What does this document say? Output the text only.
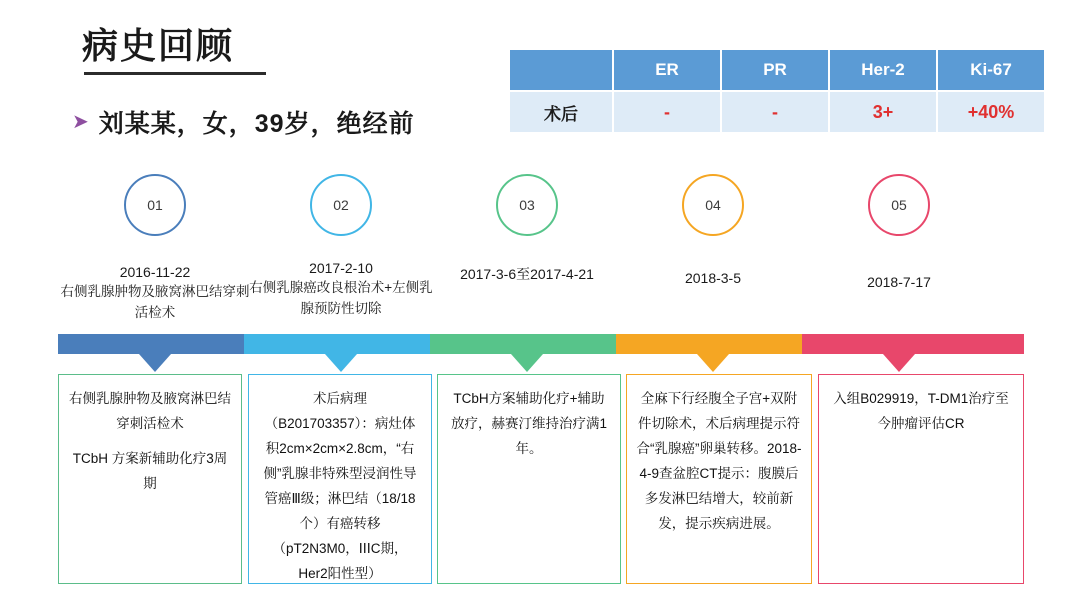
病史回顾
➤ 刘某某，女，39岁，绝经前
	ER	PR	Her-2	Ki-67
术后	-	-	3+	+40%
01	02	03	04	05
2016-11-22	2017-2-10	2017-3-6至2017-4-21	2018-3-5	2018-7-17
右侧乳腺肿物及腋窝淋巴结穿刺活检术
右侧乳腺癌改良根治术+左侧乳腺预防性切除

右侧乳腺肿物及腋窝淋巴结穿刺活检术

TCbH 方案新辅助化疗3周期

术后病理（B201703357）：病灶体积2cm×2cm×2.8cm，“右侧”乳腺非特殊型浸润性导管癌Ⅲ级；淋巴结（18/18个）有癌转移（pT2N3M0，ⅠⅠⅠC期，Her2阳性型）

TCbH方案辅助化疗+辅助放疗，赫赛汀维持治疗满1年。

全麻下行经腹全子宫+双附件切除术，术后病理提示符合“乳腺癌”卵巢转移。2018-4-9查盆腔CT提示：腹膜后多发淋巴结增大，较前新发，提示疾病进展。

入组B029919，T-DM1治疗至今肿瘤评估CR
